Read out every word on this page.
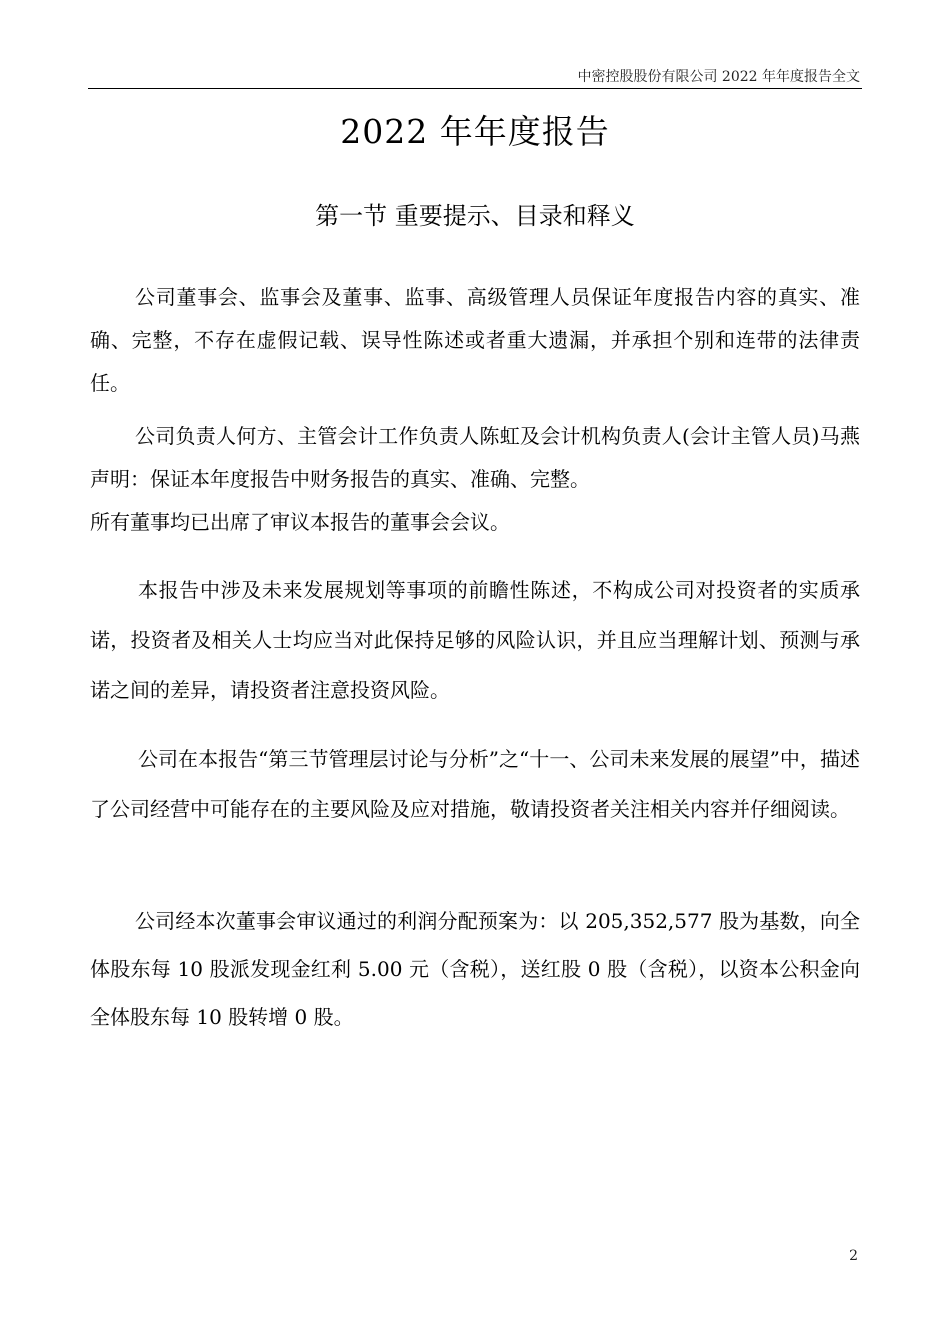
中密控股股份有限公司 2022 年年度报告全文
2022 年年度报告
第一节 重要提示、目录和释义

公司董事会、监事会及董事、监事、高级管理人员保证年度报告内容的真实、准确、完整，不存在虚假记载、误导性陈述或者重大遗漏，并承担个别和连带的法律责任。

公司负责人何方、主管会计工作负责人陈虹及会计机构负责人(会计主管人员)马燕声明：保证本年度报告中财务报告的真实、准确、完整。

所有董事均已出席了审议本报告的董事会会议。

本报告中涉及未来发展规划等事项的前瞻性陈述，不构成公司对投资者的实质承诺，投资者及相关人士均应当对此保持足够的风险认识，并且应当理解计划、预测与承诺之间的差异，请投资者注意投资风险。

公司在本报告“第三节管理层讨论与分析”之“十一、公司未来发展的展望”中，描述了公司经营中可能存在的主要风险及应对措施，敬请投资者关注相关内容并仔细阅读。

公司经本次董事会审议通过的利润分配预案为：以 205,352,577 股为基数，向全体股东每 10 股派发现金红利 5.00 元（含税），送红股 0 股（含税），以资本公积金向全体股东每 10 股转增 0 股。

2
